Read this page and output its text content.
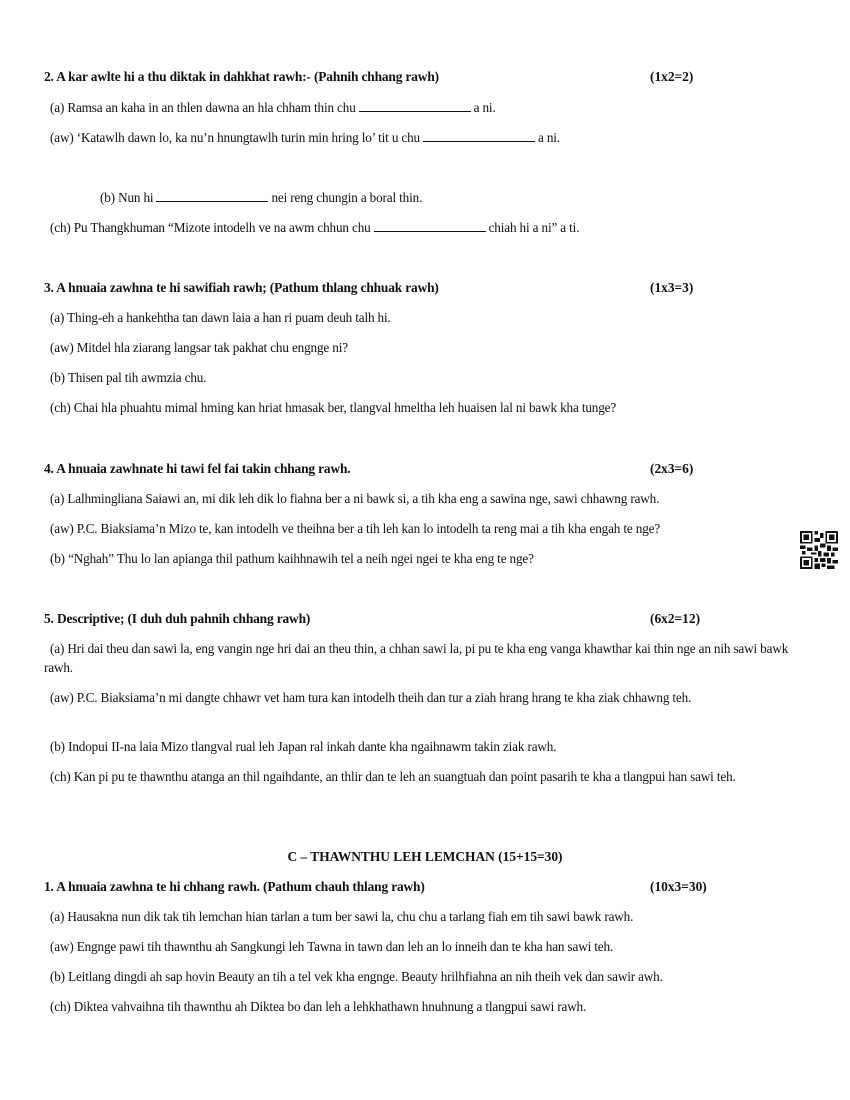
2. A kar awlte hi a thu diktak in dahkhat rawh:- (Pahnih chhang rawh)	(1x2=2)
(a) Ramsa an kaha in an thlen dawna an hla chham thin chu	a ni.
(aw) ‘Katawlh dawn lo, ka nu’n hnungtawlh turin min hring lo’ tit u chu	a ni.
(b) Nun hi	nei reng chungin a boral thin.
(ch) Pu Thangkhuman “Mizote intodelh ve na awm chhun chu	chiah hi a ni” a ti.
3. A hnuaia zawhna te hi sawifiah rawh; (Pathum thlang chhuak rawh)	(1x3=3)
(a) Thing-eh a hankehtha tan dawn laia a han ri puam deuh talh hi.
(aw) Mitdel hla ziarang langsar tak pakhat chu engnge ni?
(b) Thisen pal tih awmzia chu.
(ch) Chai hla phuahtu mimal hming kan hriat hmasak ber, tlangval hmeltha leh huaisen lal ni bawk kha tunge?
4. A hnuaia zawhnate hi tawi fel fai takin chhang rawh.	(2x3=6)
(a) Lalhmingliana Saiawi an, mi dik leh dik lo fiahna ber a ni bawk si, a tih kha eng a sawina nge, sawi chhawng rawh.
(aw) P.C. Biaksiama’n Mizo te, kan intodelh ve theihna ber a tih leh kan lo intodelh ta reng mai a tih kha engah te nge?
(b) “Nghah” Thu lo lan apianga thil pathum kaihhnawih tel a neih ngei ngei te kha eng te nge?
5. Descriptive; (I duh duh pahnih chhang rawh)	(6x2=12)
(a) Hri dai theu dan sawi la, eng vangin nge hri dai an theu thin, a chhan sawi la, pi pu te kha eng vanga khawthar kai thin nge an nih sawi bawk rawh.
(aw) P.C. Biaksiama’n mi dangte chhawr vet ham tura kan intodelh theih dan tur a ziah hrang hrang te kha ziak chhawng teh.
(b) Indopui II-na laia Mizo tlangval rual leh Japan ral inkah dante kha ngaihnawm takin ziak rawh.
(ch) Kan pi pu te thawnthu atanga an thil ngaihdante, an thlir dan te leh an suangtuah dan point pasarih te kha a tlangpui han sawi teh.
C – THAWNTHU LEH LEMCHAN (15+15=30)
1. A hnuaia zawhna te hi chhang rawh. (Pathum chauh thlang rawh)	(10x3=30)
(a) Hausakna nun dik tak tih lemchan hian tarlan a tum ber sawi la, chu chu a tarlang fiah em tih sawi bawk rawh.
(aw) Engnge pawi tih thawnthu ah Sangkungi leh Tawna in tawn dan leh an lo inneih dan te kha han sawi teh.
(b) Leitlang dingdi ah sap hovin Beauty an tih a tel vek kha engnge. Beauty hrilhfiahna an nih theih vek dan sawir awh.
(ch) Diktea vahvaihna tih thawnthu ah Diktea bo dan leh a lehkhathawn hnuhnung a tlangpui sawi rawh.
